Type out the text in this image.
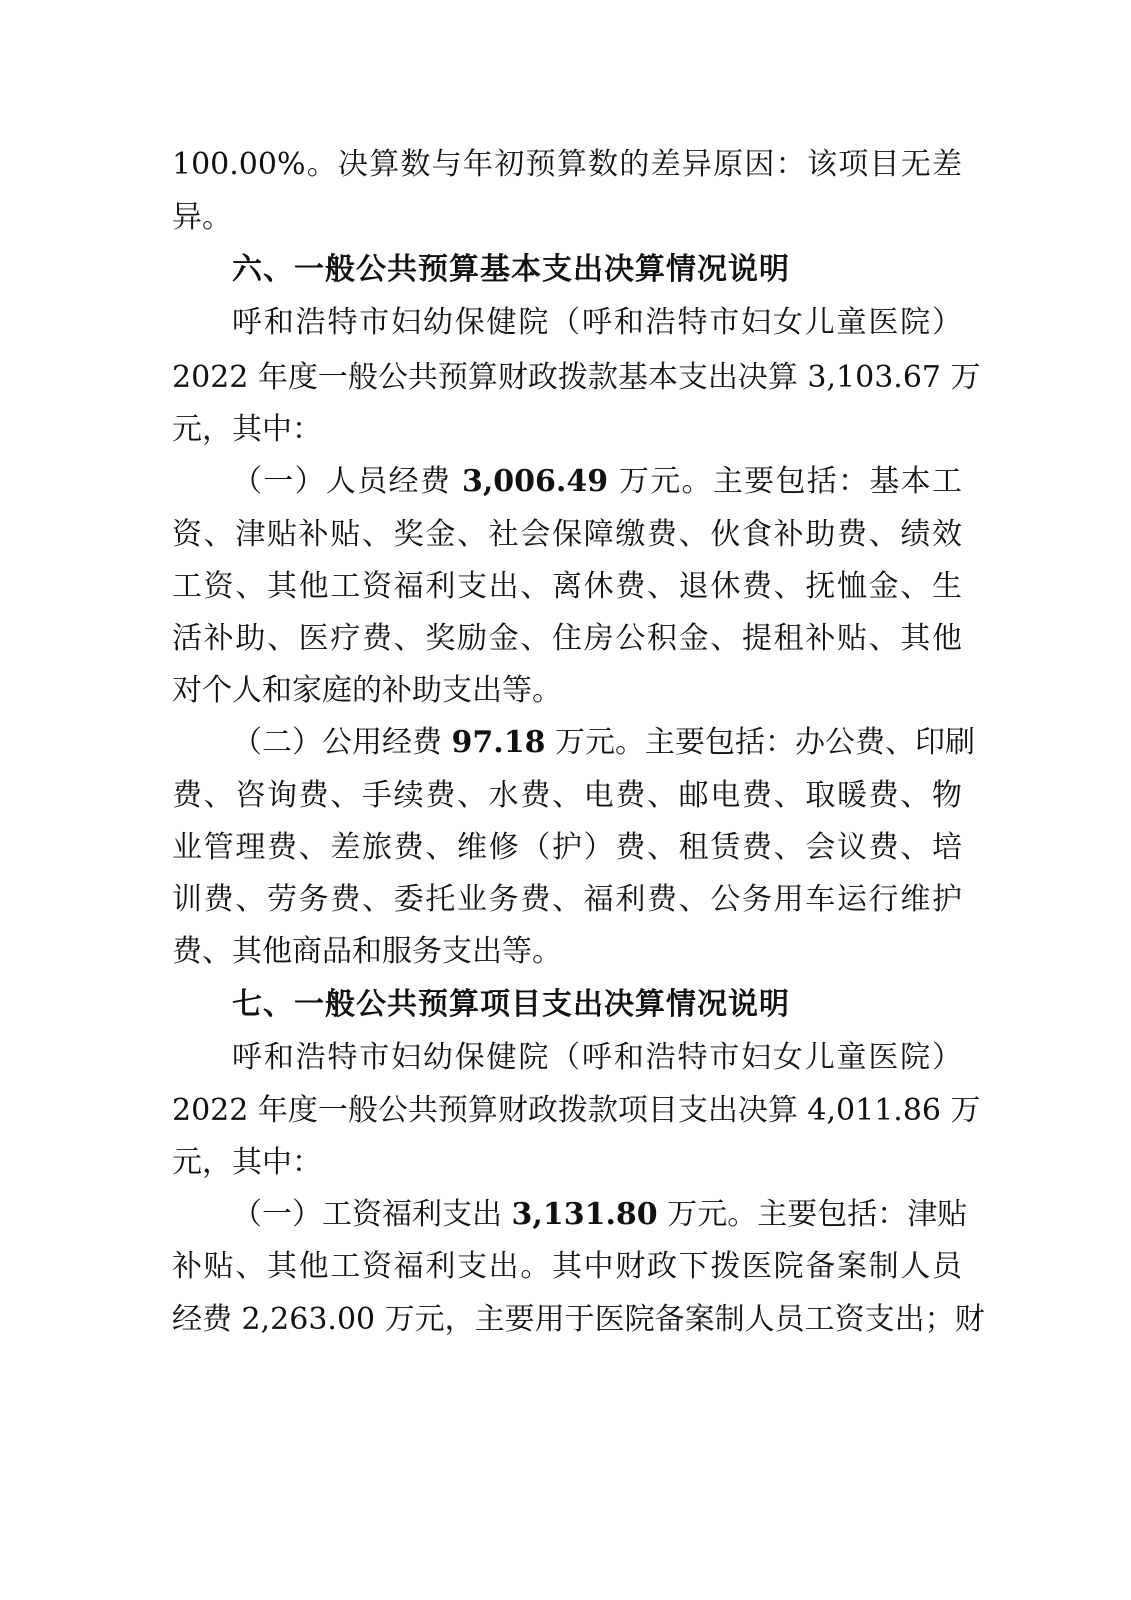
100.00%。决算数与年初预算数的差异原因：该项目无差
异。
六、一般公共预算基本支出决算情况说明
呼和浩特市妇幼保健院（呼和浩特市妇女儿童医院）
2022 年度一般公共预算财政拨款基本支出决算 3,103.67 万
元，其中：
（一）人员经费 3,006.49 万元。主要包括：基本工
资、津贴补贴、奖金、社会保障缴费、伙食补助费、绩效
工资、其他工资福利支出、离休费、退休费、抚恤金、生
活补助、医疗费、奖励金、住房公积金、提租补贴、其他
对个人和家庭的补助支出等。
（二）公用经费 97.18 万元。主要包括：办公费、印刷
费、咨询费、手续费、水费、电费、邮电费、取暖费、物
业管理费、差旅费、维修（护）费、租赁费、会议费、培
训费、劳务费、委托业务费、福利费、公务用车运行维护
费、其他商品和服务支出等。
七、一般公共预算项目支出决算情况说明
呼和浩特市妇幼保健院（呼和浩特市妇女儿童医院）
2022 年度一般公共预算财政拨款项目支出决算 4,011.86 万
元，其中：
（一）工资福利支出 3,131.80 万元。主要包括：津贴
补贴、其他工资福利支出。其中财政下拨医院备案制人员
经费 2,263.00 万元，主要用于医院备案制人员工资支出；财
